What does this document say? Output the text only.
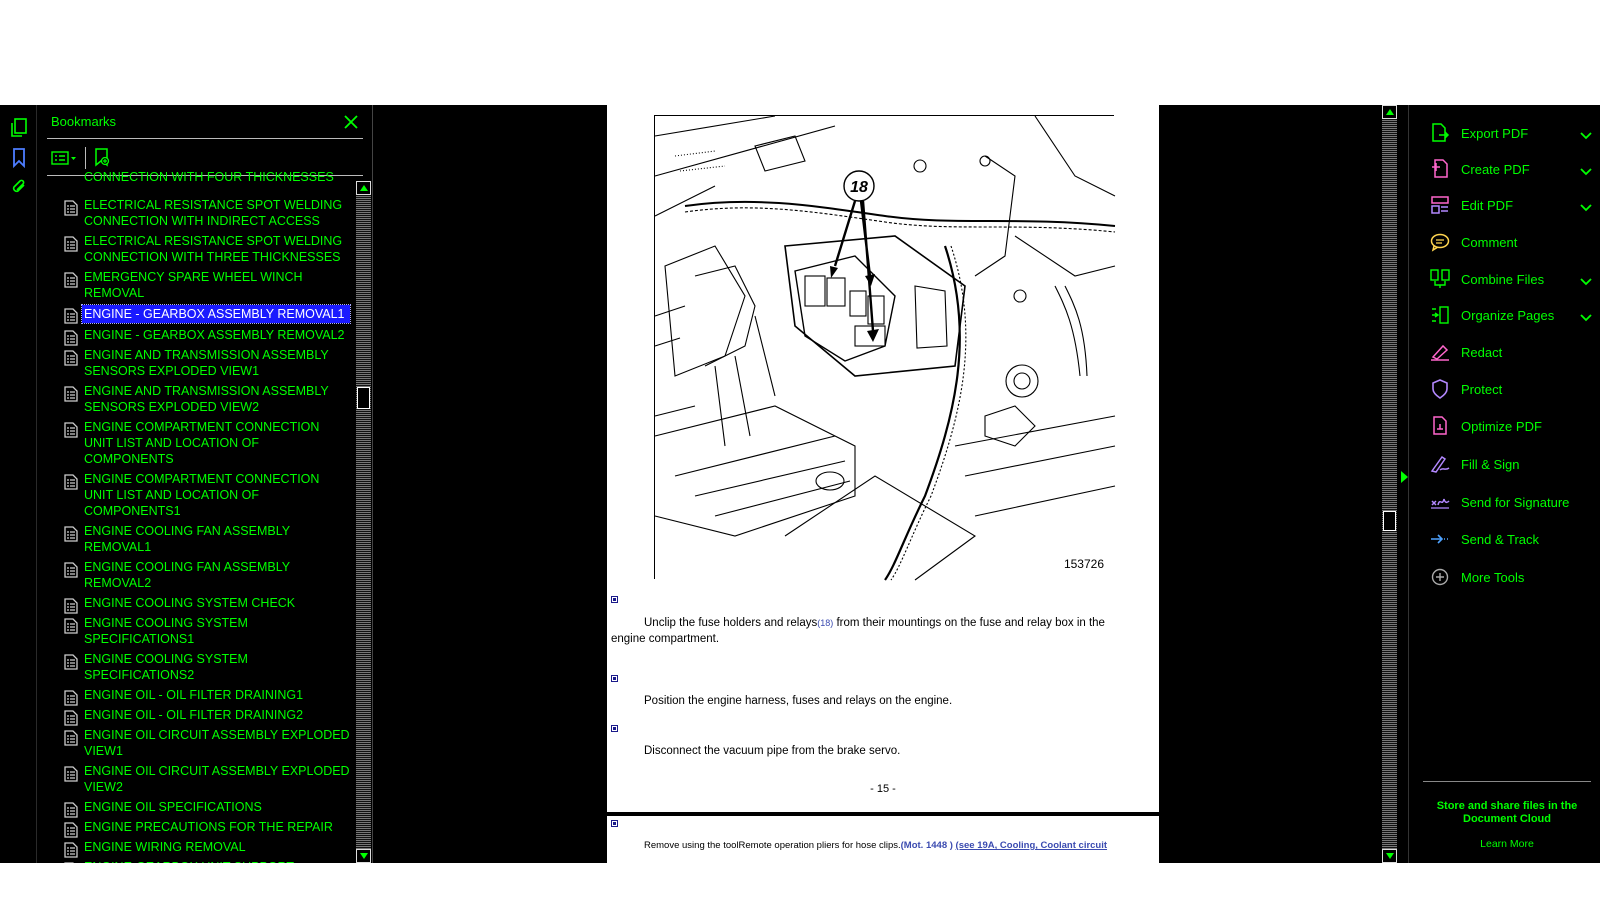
Bookmarks
CONNECTION WITH FOUR THICKNESSES
ELECTRICAL RESISTANCE SPOT WELDING CONNECTION WITH INDIRECT ACCESS
ELECTRICAL RESISTANCE SPOT WELDING CONNECTION WITH THREE THICKNESSES
EMERGENCY SPARE WHEEL WINCH REMOVAL
ENGINE - GEARBOX ASSEMBLY REMOVAL1
ENGINE - GEARBOX ASSEMBLY REMOVAL2
ENGINE AND TRANSMISSION ASSEMBLY SENSORS EXPLODED VIEW1
ENGINE AND TRANSMISSION ASSEMBLY SENSORS EXPLODED VIEW2
ENGINE COMPARTMENT CONNECTION UNIT LIST AND LOCATION OF COMPONENTS
ENGINE COMPARTMENT CONNECTION UNIT LIST AND LOCATION OF COMPONENTS1
ENGINE COOLING FAN ASSEMBLY REMOVAL1
ENGINE COOLING FAN ASSEMBLY REMOVAL2
ENGINE COOLING SYSTEM CHECK
ENGINE COOLING SYSTEM SPECIFICATIONS1
ENGINE COOLING SYSTEM SPECIFICATIONS2
ENGINE OIL - OIL FILTER DRAINING1
ENGINE OIL - OIL FILTER DRAINING2
ENGINE OIL CIRCUIT ASSEMBLY EXPLODED VIEW1
ENGINE OIL CIRCUIT ASSEMBLY EXPLODED VIEW2
ENGINE OIL SPECIFICATIONS
ENGINE PRECAUTIONS FOR THE REPAIR
ENGINE WIRING REMOVAL
18
153726
Unclip the fuse holders and relays(18) from their mountings on the fuse and relay box in the
engine compartment.
Position the engine harness, fuses and relays on the engine.
Disconnect the vacuum pipe from the brake servo.
- 15 -
Remove using the toolRemote operation pliers for hose clips.(Mot. 1448 ) (see 19A, Cooling, Coolant circuit
Export PDF
Create PDF
Edit PDF
Comment
Combine Files
Organize Pages
Redact
Protect
Optimize PDF
Fill & Sign
Send for Signature
Send & Track
More Tools
Store and share files in the Document Cloud
Learn More
